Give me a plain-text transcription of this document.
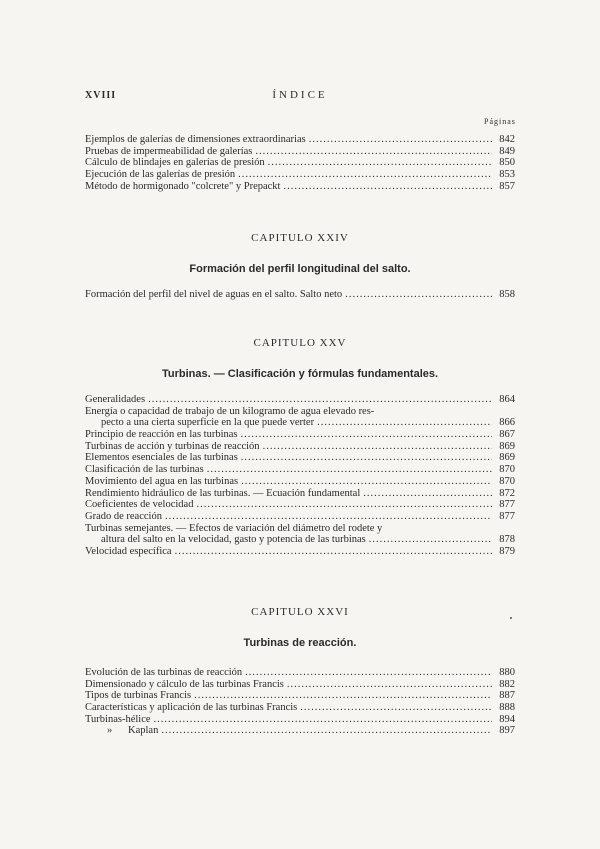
XVIII	ÍNDICE
Páginas
Ejemplos de galerías de dimensiones extraordinarias .....	842
Pruebas de impermeabilidad de galerías .....	849
Cálculo de blindajes en galerías de presión .....	850
Ejecución de las galerías de presión .....	853
Método de hormigonado "colcrete" y Prepackt .....	857
CAPITULO XXIV
Formación del perfil longitudinal del salto.
Formación del perfil del nivel de aguas en el salto. Salto neto .....	858
CAPITULO XXV
Turbinas. — Clasificación y fórmulas fundamentales.
Generalidades .....	864
Energía o capacidad de trabajo de un kilogramo de agua elevado res-
pecto a una cierta superficie en la que puede verter .....	866
Principio de reacción en las turbinas .....	867
Turbinas de acción y turbinas de reacción .....	869
Elementos esenciales de las turbinas .....	869
Clasificación de las turbinas .....	870
Movimiento del agua en las turbinas .....	870
Rendimiento hidráulico de las turbinas. — Ecuación fundamental .....	872
Coeficientes de velocidad .....	877
Grado de reacción .....	877
Turbinas semejantes. — Efectos de variación del diámetro del rodete y
altura del salto en la velocidad, gasto y potencia de las turbinas .....	878
Velocidad específica .....	879
CAPITULO XXVI
Turbinas de reacción.
Evolución de las turbinas de reacción .....	880
Dimensionado y cálculo de las turbinas Francis .....	882
Tipos de turbinas Francis .....	887
Características y aplicación de las turbinas Francis .....	888
Turbinas-hélice .....	894
»      Kaplan .....	897
